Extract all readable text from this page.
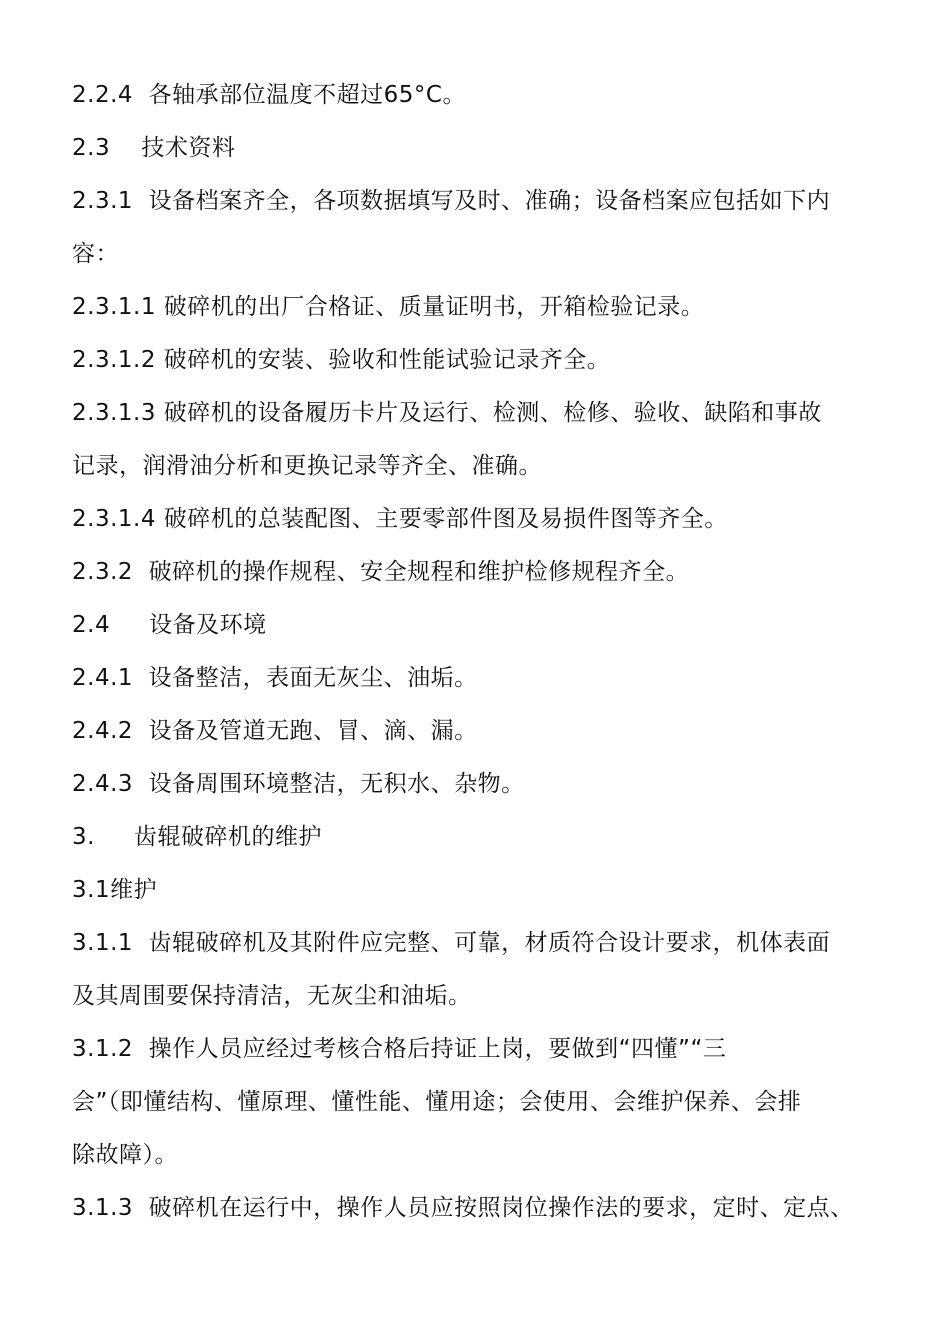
2.2.4  各轴承部位温度不超过65°C。
2.3    技术资料
2.3.1  设备档案齐全，各项数据填写及时、准确；设备档案应包括如下内
容：
2.3.1.1 破碎机的出厂合格证、质量证明书，开箱检验记录。
2.3.1.2 破碎机的安装、验收和性能试验记录齐全。
2.3.1.3 破碎机的设备履历卡片及运行、检测、检修、验收、缺陷和事故
记录，润滑油分析和更换记录等齐全、准确。
2.3.1.4 破碎机的总装配图、主要零部件图及易损件图等齐全。
2.3.2  破碎机的操作规程、安全规程和维护检修规程齐全。
2.4     设备及环境
2.4.1  设备整洁，表面无灰尘、油垢。
2.4.2  设备及管道无跑、冒、滴、漏。
2.4.3  设备周围环境整洁，无积水、杂物。
3.     齿辊破碎机的维护
3.1维护
3.1.1  齿辊破碎机及其附件应完整、可靠，材质符合设计要求，机体表面
及其周围要保持清洁，无灰尘和油垢。
3.1.2  操作人员应经过考核合格后持证上岗，要做到“四懂”“三
会”（即懂结构、懂原理、懂性能、懂用途；会使用、会维护保养、会排
除故障）。
3.1.3  破碎机在运行中，操作人员应按照岗位操作法的要求，定时、定点、
